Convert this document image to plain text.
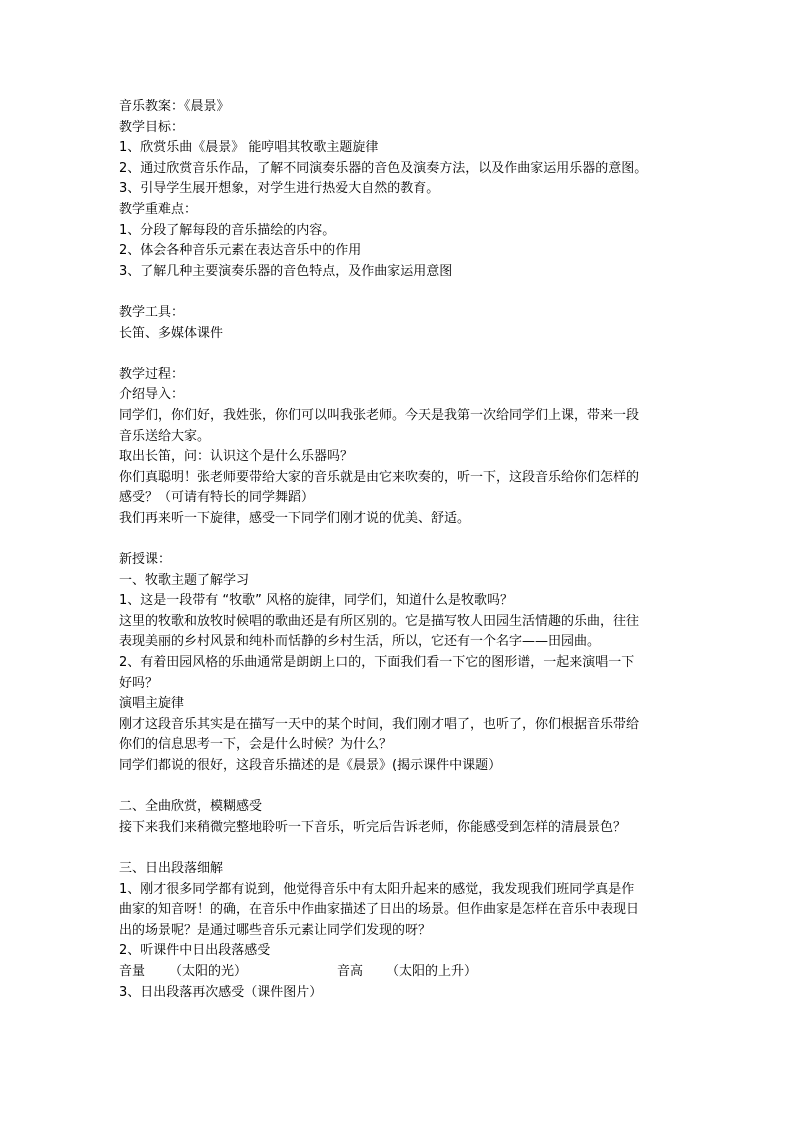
音乐教案：《晨景》
教学目标：
1、欣赏乐曲《晨景》 能哼唱其牧歌主题旋律
2、通过欣赏音乐作品，了解不同演奏乐器的音色及演奏方法，以及作曲家运用乐器的意图。
3、引导学生展开想象，对学生进行热爱大自然的教育。
教学重难点：
1、分段了解每段的音乐描绘的内容。
2、体会各种音乐元素在表达音乐中的作用
3、了解几种主要演奏乐器的音色特点，及作曲家运用意图
教学工具：
长笛、多媒体课件
教学过程：
介绍导入：
同学们，你们好，我姓张，你们可以叫我张老师。今天是我第一次给同学们上课，带来一段
音乐送给大家。
取出长笛，问：认识这个是什么乐器吗？
你们真聪明！张老师要带给大家的音乐就是由它来吹奏的，听一下，这段音乐给你们怎样的
感受？（可请有特长的同学舞蹈）
我们再来听一下旋律，感受一下同学们刚才说的优美、舒适。
新授课：
一、牧歌主题了解学习
1、这是一段带有 “牧歌” 风格的旋律，同学们，知道什么是牧歌吗？
这里的牧歌和放牧时候唱的歌曲还是有所区别的。它是描写牧人田园生活情趣的乐曲，往往
表现美丽的乡村风景和纯朴而恬静的乡村生活，所以，它还有一个名字——田园曲。
2、有着田园风格的乐曲通常是朗朗上口的，下面我们看一下它的图形谱，一起来演唱一下
好吗？
演唱主旋律
刚才这段音乐其实是在描写一天中的某个时间，我们刚才唱了，也听了，你们根据音乐带给
你们的信息思考一下，会是什么时候？为什么？
同学们都说的很好，这段音乐描述的是《晨景》(揭示课件中课题）
二、全曲欣赏，模糊感受
接下来我们来稍微完整地聆听一下音乐，听完后告诉老师，你能感受到怎样的清晨景色？
三、日出段落细解
1、刚才很多同学都有说到，他觉得音乐中有太阳升起来的感觉，我发现我们班同学真是作
曲家的知音呀！的确，在音乐中作曲家描述了日出的场景。但作曲家是怎样在音乐中表现日
出的场景呢？是通过哪些音乐元素让同学们发现的呀？
2、听课件中日出段落感受
音量 （太阳的光）	音高 （太阳的上升）
3、日出段落再次感受（课件图片）
